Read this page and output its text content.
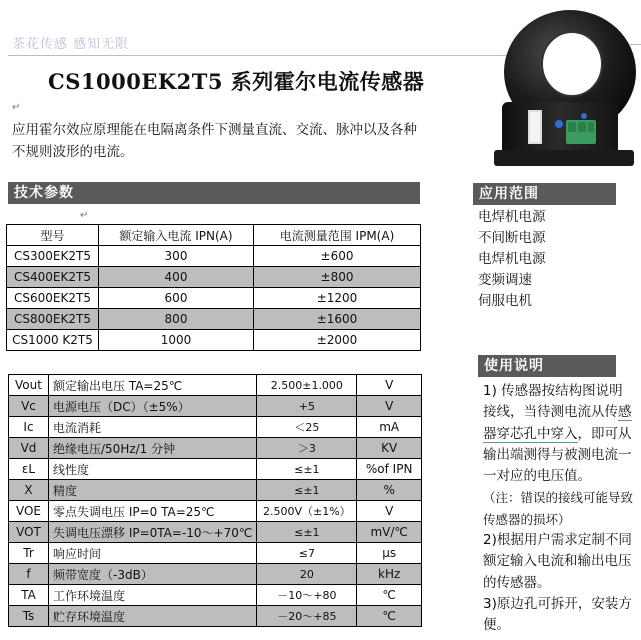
茶花传感 感知无限
CS1000EK2T5 系列霍尔电流传感器
↵
应用霍尔效应原理能在电隔离条件下测量直流、交流、脉冲以及各种不规则波形的电流。
技术参数	应用范围
使用说明
↵
型号	额定输入电流 IPN(A)	电流测量范围 IPM(A)
CS300EK2T5	300	±600
CS400EK2T5	400	±800
CS600EK2T5	600	±1200
CS800EK2T5	800	±1600
CS1000 K2T5	1000	±2000
Vout	额定输出电压 TA=25℃	2.500±1.000	V
Vc	电源电压（DC）（±5%）	+5	V
Ic	电流消耗	＜25	mA
Vd	绝缘电压/50Hz/1 分钟	＞3	KV
εL	线性度	≤±1	%of IPN
X	精度	≤±1	%
VOE	零点失调电压 IP=0 TA=25℃	2.500V（±1%）	V
VOT	失调电压漂移 IP=0TA=-10～+70℃	≤±1	mV/℃
Tr	响应时间	≤7	μs
f	频带宽度（-3dB）	20	kHz
TA	工作环境温度	－10～+80	℃
Ts	贮存环境温度	－20～+85	℃
电焊机电源
不间断电源
电焊机电源
变频调速
伺服电机
1) 传感器按结构图说明接线，当待测电流从传感器穿芯孔中穿入，即可从输出端测得与被测电流一一对应的电压值。
（注：错误的接线可能导致传感器的损坏）
2)根据用户需求定制不同额定输入电流和输出电压的传感器。
3)原边孔可拆开，安装方便。
